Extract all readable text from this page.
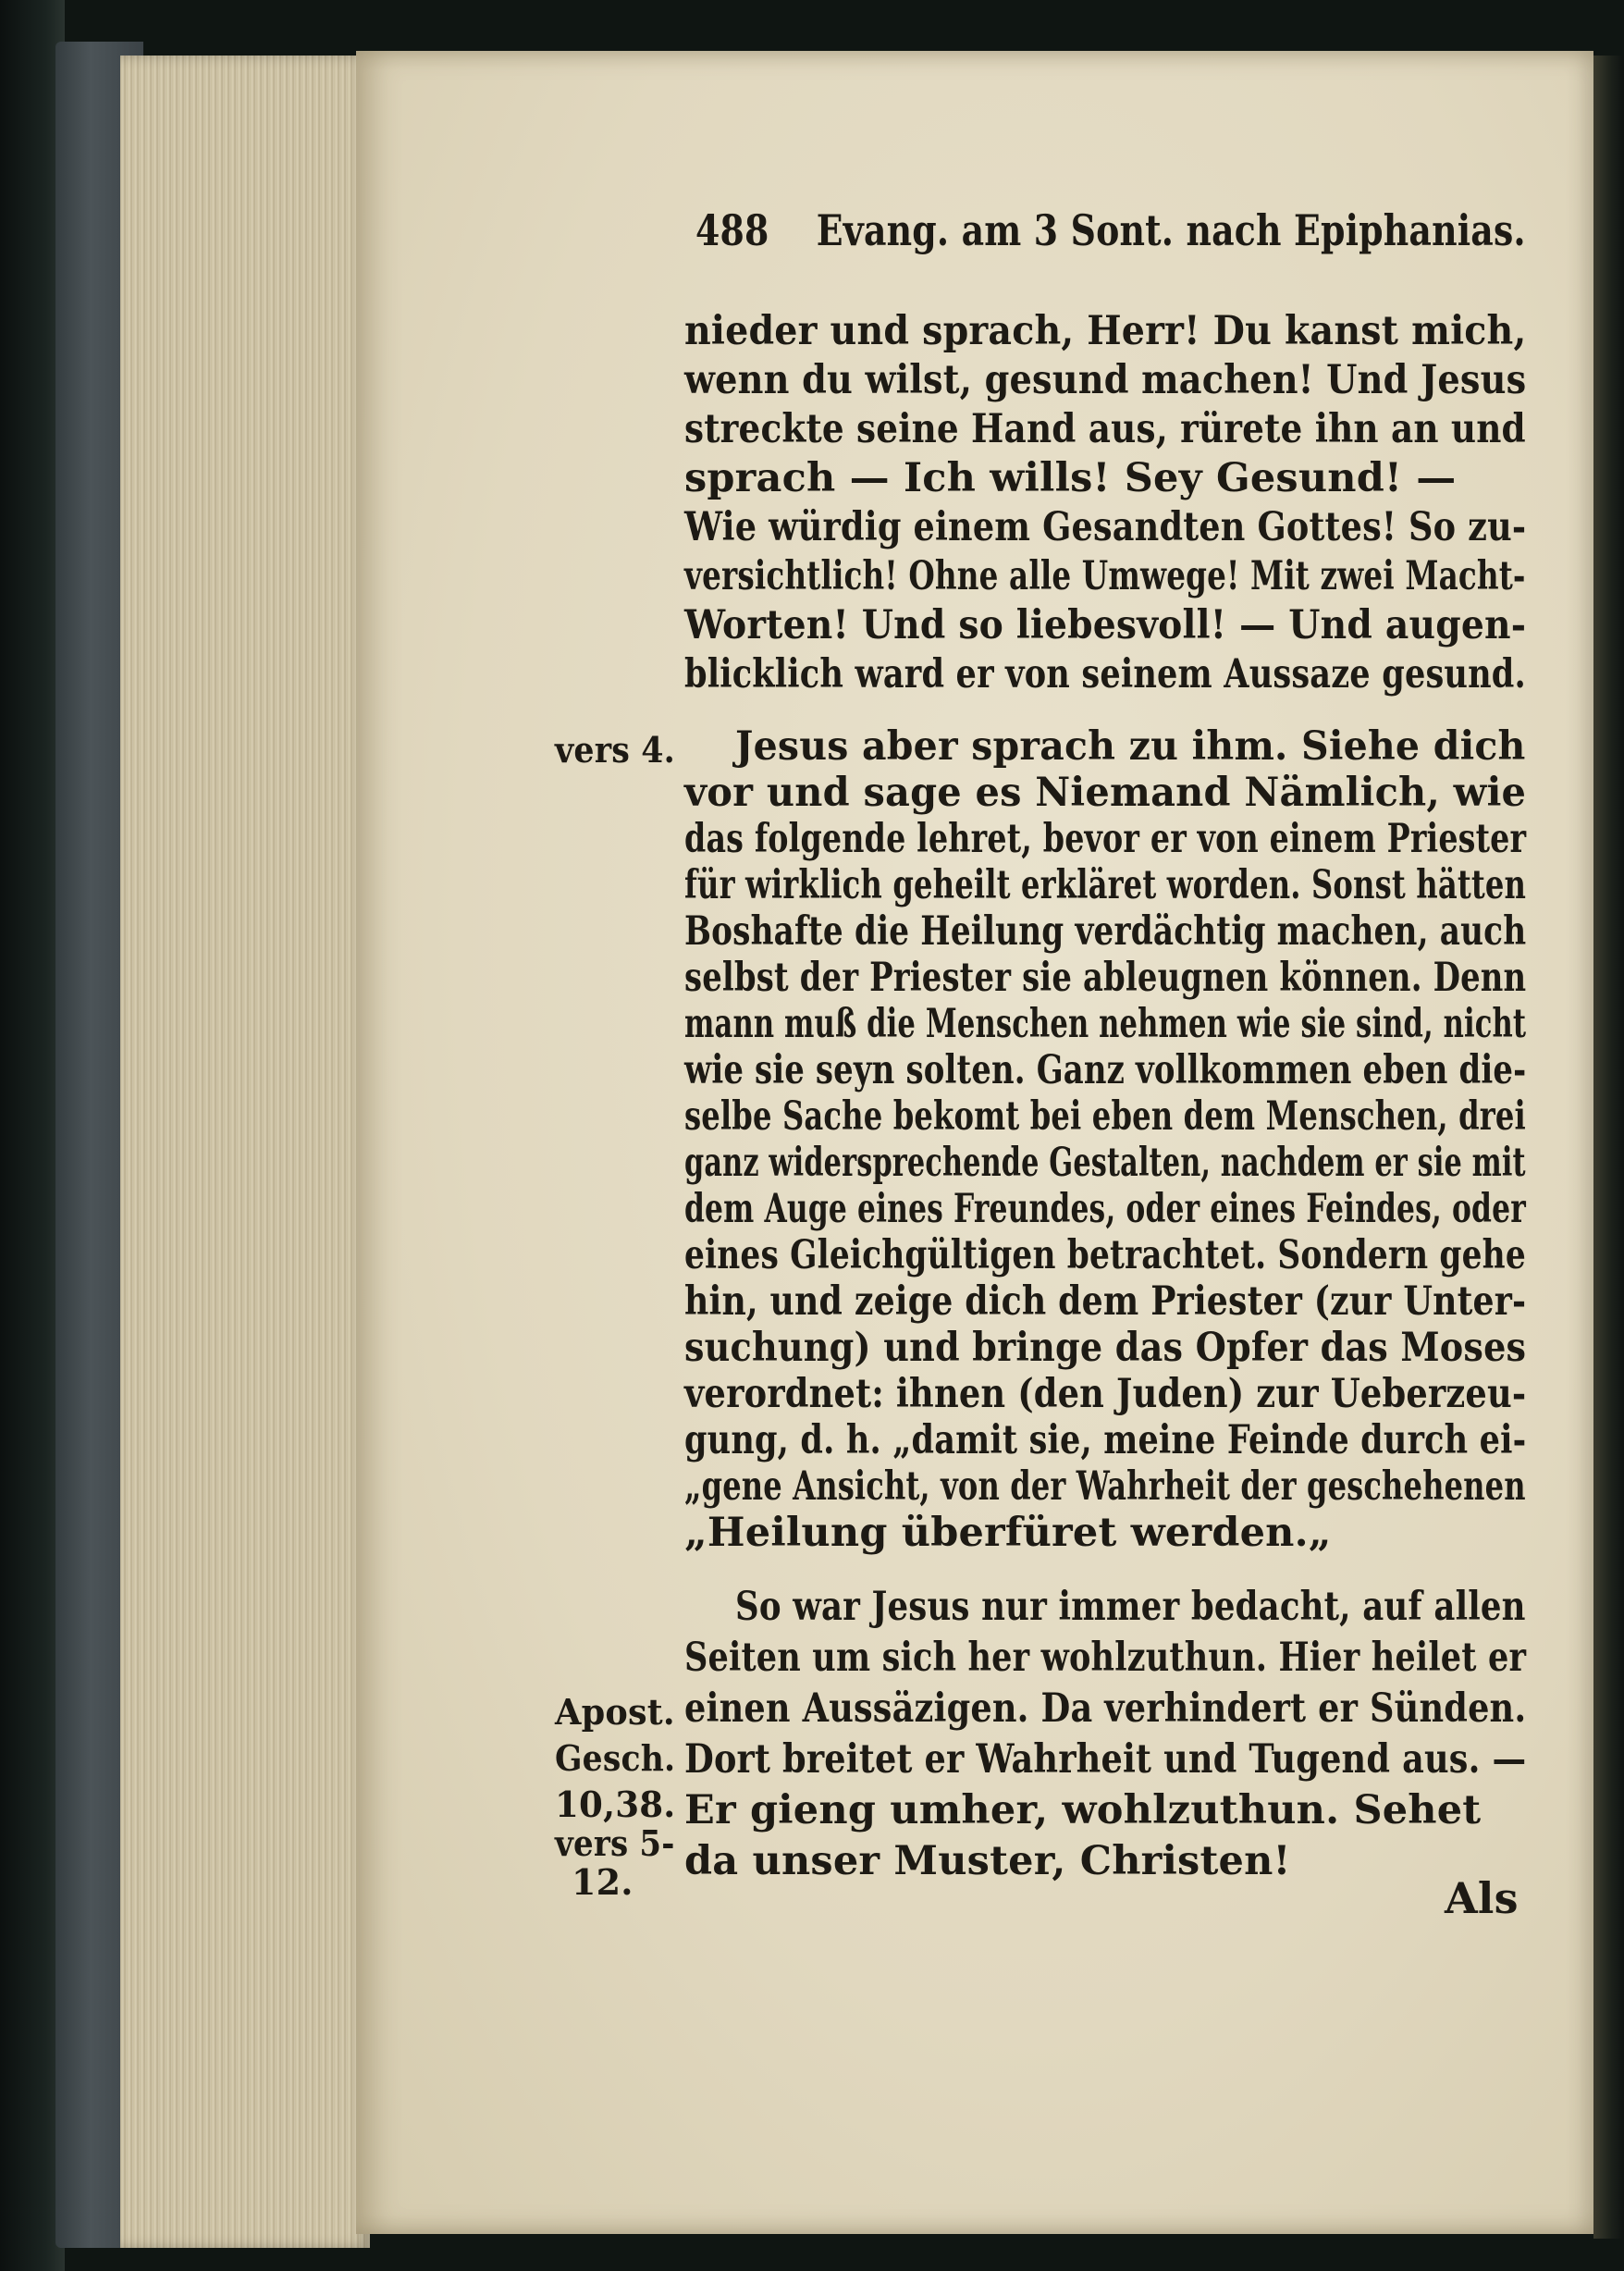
488 Evang. am 3 Sont. nach Epiphanias.
nieder und sprach, Herr! Du kanst mich,
wenn du wilst, gesund machen! Und Jesus
streckte seine Hand aus, rürete ihn an und
sprach — Ich wills! Sey Gesund! —
Wie würdig einem Gesandten Gottes! So zu-
versichtlich! Ohne alle Umwege! Mit zwei Macht-
Worten! Und so liebesvoll! — Und augen-
blicklich ward er von seinem Aussaze gesund.
vers 4. Jesus aber sprach zu ihm. Siehe dich
vor und sage es Niemand Nämlich, wie
das folgende lehret, bevor er von einem Priester
für wirklich geheilt erkläret worden. Sonst hätten
Boshafte die Heilung verdächtig machen, auch
selbst der Priester sie ableugnen können. Denn
mann muß die Menschen nehmen wie sie sind, nicht
wie sie seyn solten. Ganz vollkommen eben die-
selbe Sache bekomt bei eben dem Menschen, drei
ganz widersprechende Gestalten, nachdem er sie mit
dem Auge eines Freundes, oder eines Feindes, oder
eines Gleichgültigen betrachtet. Sondern gehe
hin, und zeige dich dem Priester (zur Unter-
suchung) und bringe das Opfer das Moses
verordnet: ihnen (den Juden) zur Ueberzeu-
gung, d. h. „damit sie, meine Feinde durch ei-
„gene Ansicht, von der Wahrheit der geschehenen
„Heilung überfüret werden.„
So war Jesus nur immer bedacht, auf allen
Seiten um sich her wohlzuthun. Hier heilet er
einen Aussäzigen. Da verhindert er Sünden.
Dort breitet er Wahrheit und Tugend aus. —
Er gieng umher, wohlzuthun. Sehet
da unser Muster, Christen!
Apost.
Gesch.
10,38.
vers 5-
12.	Als
